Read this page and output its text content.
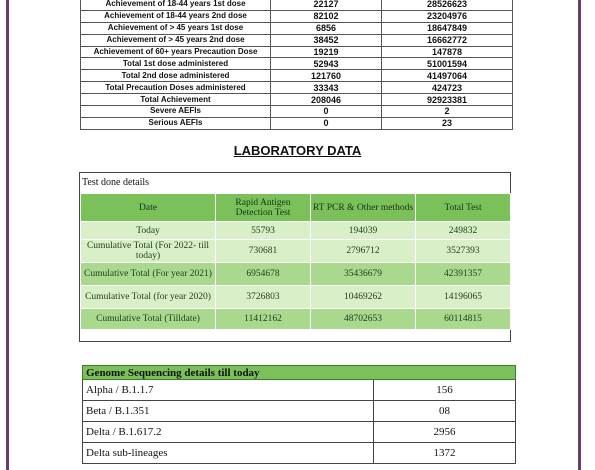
Achievement of 18-44 years 1st dose	22127	28526623
Achievement of 18-44 years 2nd dose	82102	23204976
Achievement of > 45 years 1st dose	6856	18647849
Achievement of > 45 years 2nd dose	38452	16662772
Achievement of 60+ years Precaution Dose	19219	147878
Total 1st dose administered	52943	51001594
Total 2nd dose administered	121760	41497064
Total Precaution Doses administered	33343	424723
Total Achievement	208046	92923381
Severe AEFIs	0	2
Serious AEFIs	0	23
LABORATORY DATA
Test done details
Date	Rapid Antigen Detection Test	RT PCR & Other methods	Total Test
Today	55793	194039	249832
Cumulative Total (For 2022- till today)	730681	2796712	3527393
Cumulative Total (For year 2021)	6954678	35436679	42391357
Cumulative Total (for year 2020)	3726803	10469262	14196065
Cumulative Total (Tilldate)	11412162	48702653	60114815
Genome Sequencing details till today	
Alpha / B.1.1.7	156
Beta / B.1.351	08
Delta / B.1.617.2	2956
Delta sub-lineages	1372
